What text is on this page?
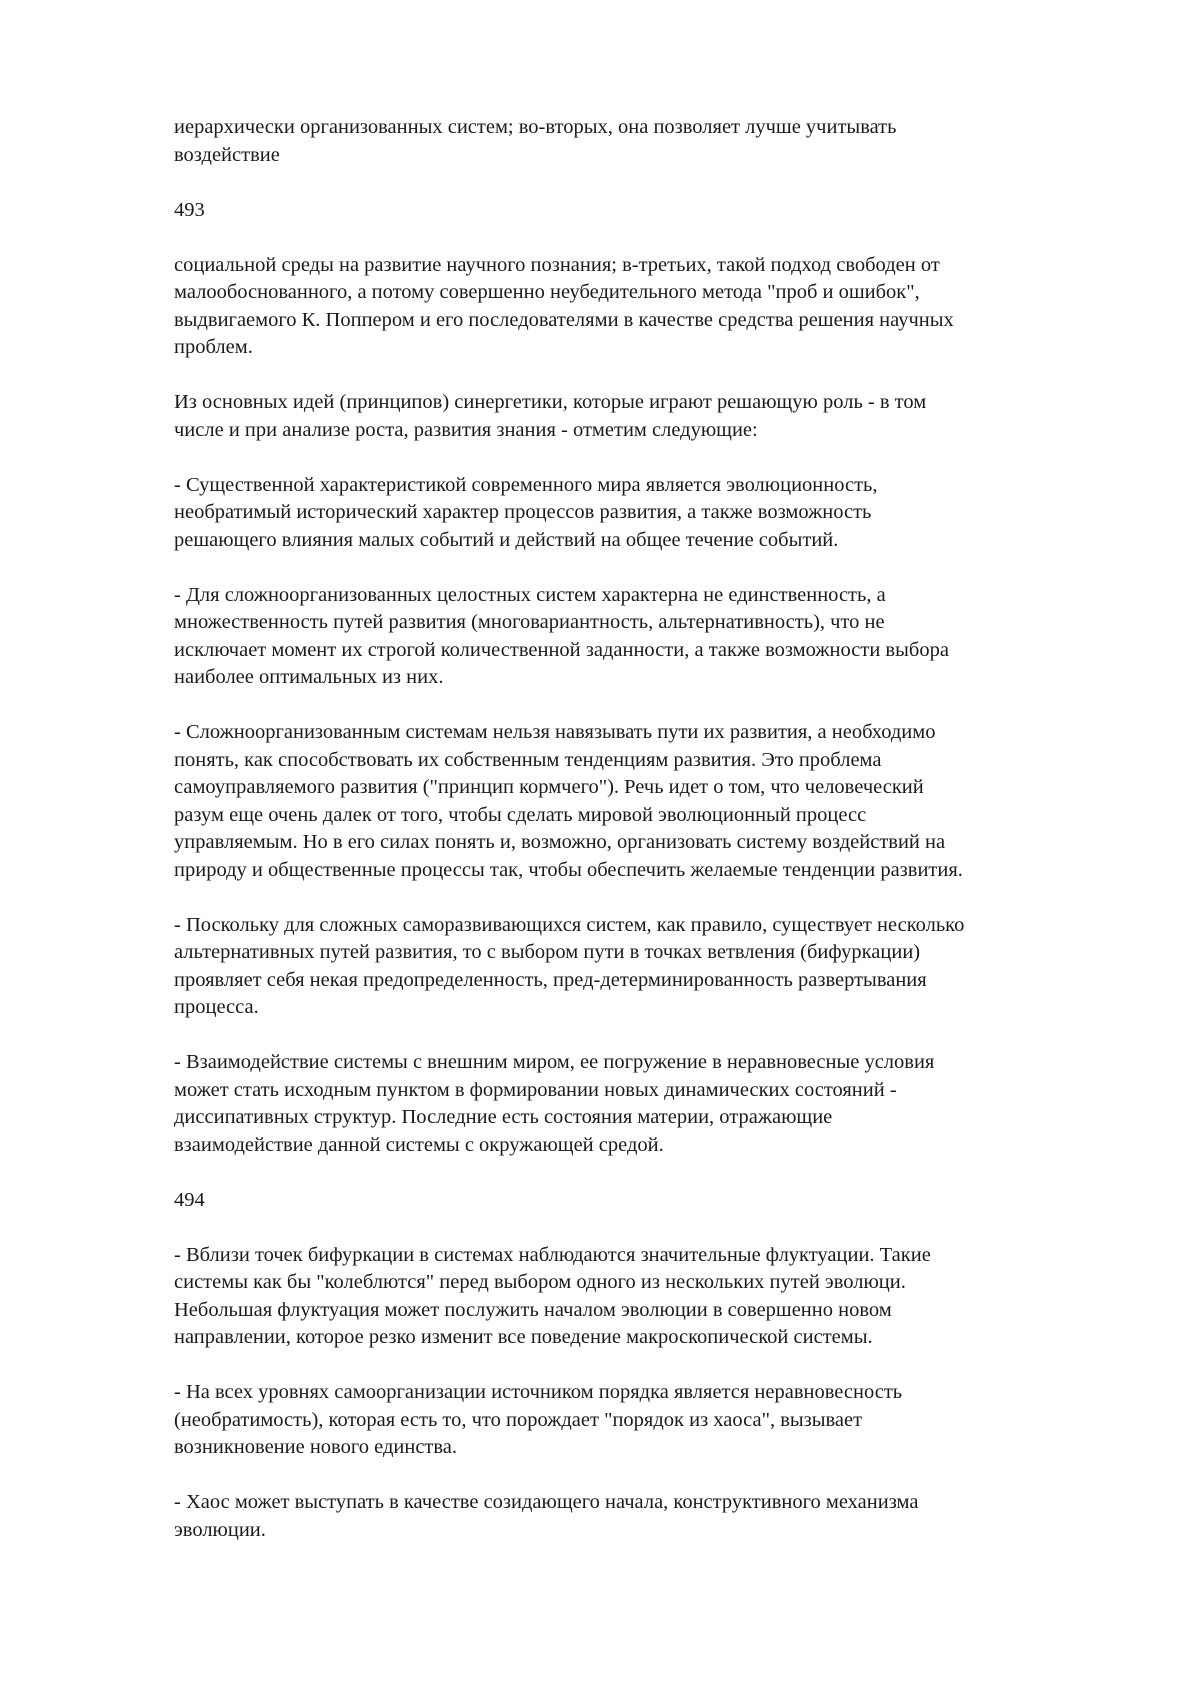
иерархически организованных систем; во-вторых, она позволяет лучше учитывать
воздействие

493

социальной среды на развитие научного познания; в-третьих, такой подход свободен от
малообоснованного, а потому совершенно неубедительного метода "проб и ошибок",
выдвигаемого К. Поппером и его последователями в качестве средства решения научных
проблем.

Из основных идей (принципов) синергетики, которые играют решающую роль - в том
числе и при анализе роста, развития знания - отметим следующие:

- Существенной характеристикой современного мира является эволюционность,
необратимый исторический характер процессов развития, а также возможность
решающего влияния малых событий и действий на общее течение событий.

- Для сложноорганизованных целостных систем характерна не единственность, а
множественность путей развития (многовариантность, альтернативность), что не
исключает момент их строгой количественной заданности, а также возможности выбора
наиболее оптимальных из них.

- Сложноорганизованным системам нельзя навязывать пути их развития, а необходимо
понять, как способствовать их собственным тенденциям развития. Это проблема
самоуправляемого развития ("принцип кормчего"). Речь идет о том, что человеческий
разум еще очень далек от того, чтобы сделать мировой эволюционный процесс
управляемым. Но в его силах понять и, возможно, организовать систему воздействий на
природу и общественные процессы так, чтобы обеспечить желаемые тенденции развития.

- Поскольку для сложных саморазвивающихся систем, как правило, существует несколько
альтернативных путей развития, то с выбором пути в точках ветвления (бифуркации)
проявляет себя некая предопределенность, пред-детерминированность развертывания
процесса.

- Взаимодействие системы с внешним миром, ее погружение в неравновесные условия
может стать исходным пунктом в формировании новых динамических состояний -
диссипативных структур. Последние есть состояния материи, отражающие
взаимодействие данной системы с окружающей средой.

494

- Вблизи точек бифуркации в системах наблюдаются значительные флуктуации. Такие
системы как бы "колеблются" перед выбором одного из нескольких путей эволюци.
Небольшая флуктуация может послужить началом эволюции в совершенно новом
направлении, которое резко изменит все поведение макроскопической системы.

- На всех уровнях самоорганизации источником порядка является неравновесность
(необратимость), которая есть то, что порождает "порядок из хаоса", вызывает
возникновение нового единства.

- Хаос может выступать в качестве созидающего начала, конструктивного механизма
эволюции.
